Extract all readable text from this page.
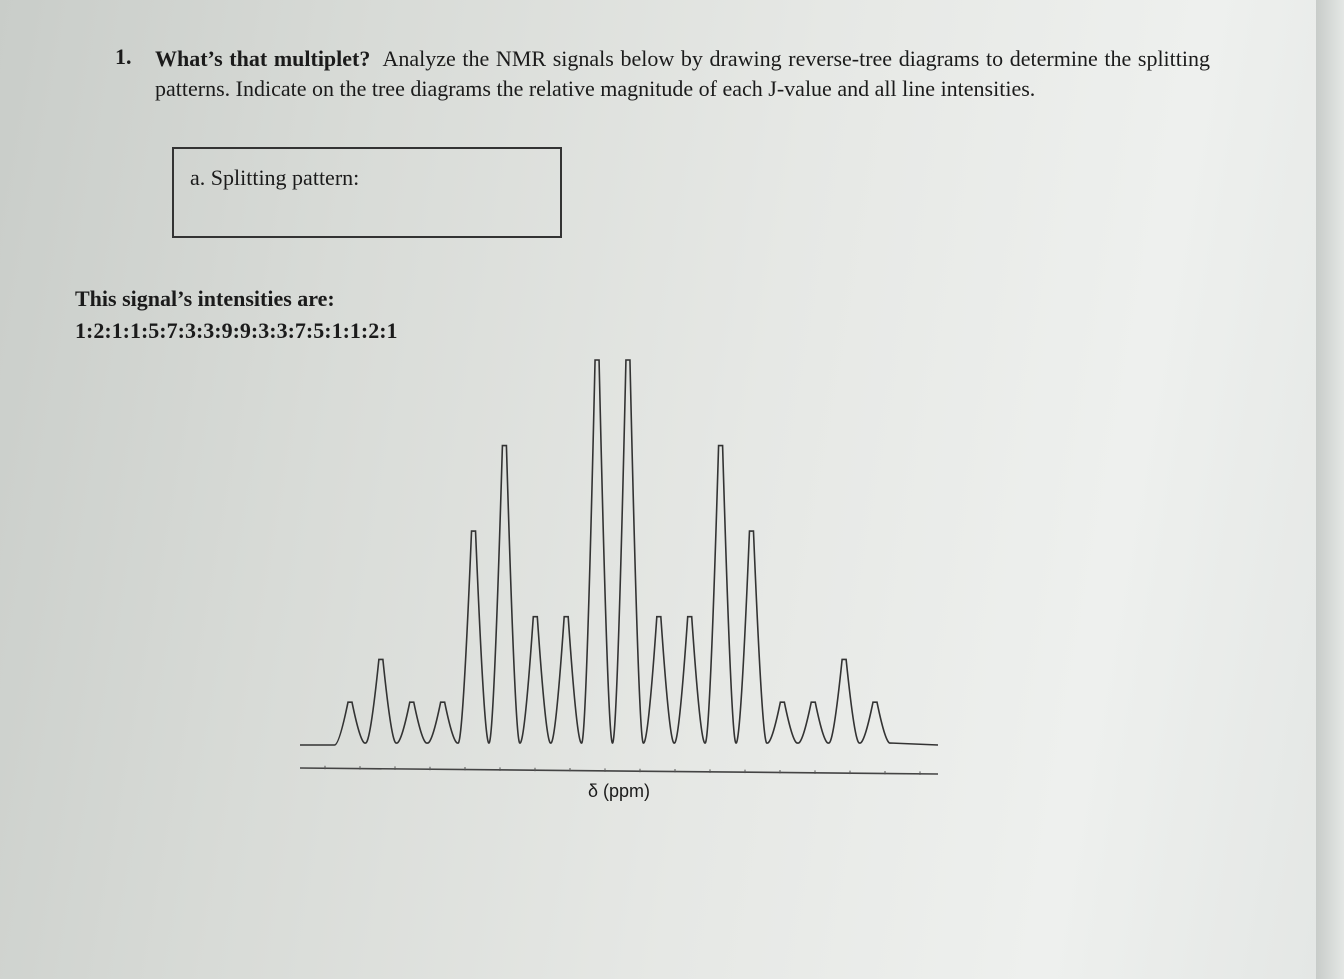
1. What’s that multiplet? Analyze the NMR signals below by drawing reverse-tree diagrams to determine the splitting patterns. Indicate on the tree diagrams the relative magnitude of each J-value and all line intensities.
a. Splitting pattern:
This signal’s intensities are:
1:2:1:1:5:7:3:3:9:9:3:3:7:5:1:1:2:1
δ (ppm)
